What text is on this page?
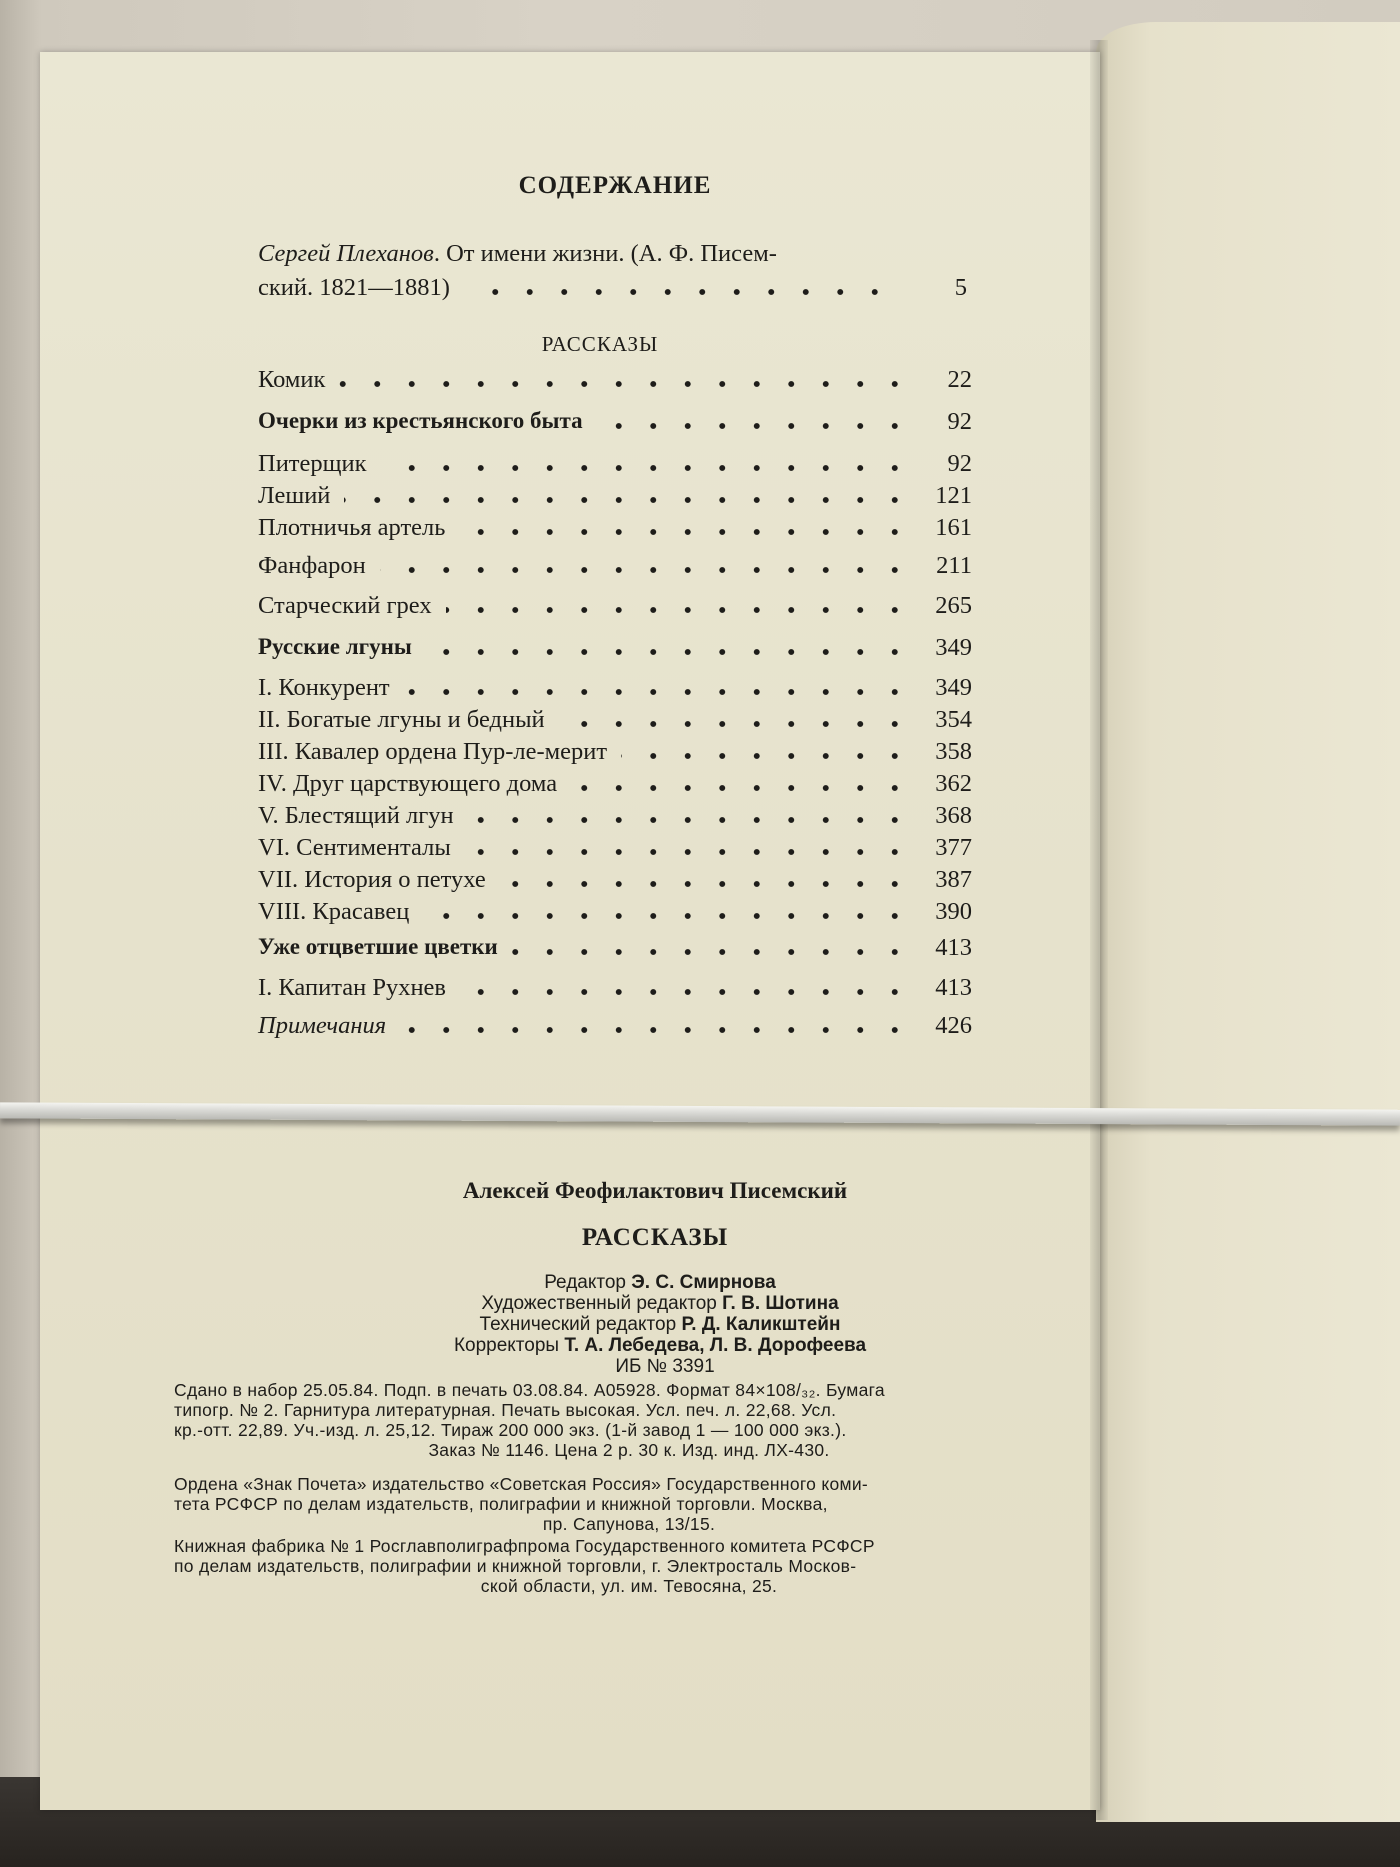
СОДЕРЖАНИЕ
Сергей Плеханов. От имени жизни. (А. Ф. Писем-
ский. 1821—1881)	5
РАССКАЗЫ
Комик	22
Очерки из крестьянского быта	92
Питерщик	92
Леший	121
Плотничья артель	161
Фанфарон	211
Старческий грех	265
Русские лгуны	349
I. Конкурент	349
II. Богатые лгуны и бедный	354
III. Кавалер ордена Пур-ле-мерит	358
IV. Друг царствующего дома	362
V. Блестящий лгун	368
VI. Сентименталы	377
VII. История о петухе	387
VIII. Красавец	390
Уже отцветшие цветки	413
I. Капитан Рухнев	413
Примечания	426
Алексей Феофилактович Писемский
РАССКАЗЫ
Редактор Э. С. Смирнова
Художественный редактор Г. В. Шотина
Технический редактор Р. Д. Каликштейн
Корректоры Т. А. Лебедева, Л. В. Дорофеева
ИБ № 3391
Сдано в набор 25.05.84. Подп. в печать 03.08.84. А05928. Формат 84×108/₃₂. Бумага
типогр. № 2. Гарнитура литературная. Печать высокая. Усл. печ. л. 22,68. Усл.
кр.-отт. 22,89. Уч.-изд. л. 25,12. Тираж 200 000 экз. (1-й завод 1 — 100 000 экз.).
Заказ № 1146. Цена 2 р. 30 к. Изд. инд. ЛХ-430.
Ордена «Знак Почета» издательство «Советская Россия» Государственного коми-
тета РСФСР по делам издательств, полиграфии и книжной торговли. Москва,
пр. Сапунова, 13/15.
Книжная фабрика № 1 Росглавполиграфпрома Государственного комитета РСФСР
по делам издательств, полиграфии и книжной торговли, г. Электросталь Москов-
ской области, ул. им. Тевосяна, 25.
